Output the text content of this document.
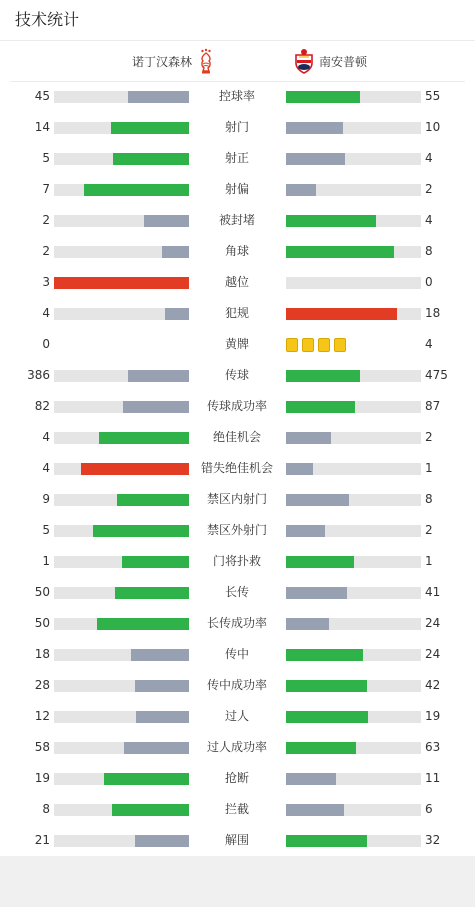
技术统计
诺丁汉森林	南安普顿
45	控球率	55
14	射门	10
5	射正	4
7	射偏	2
2	被封堵	4
2	角球	8
3	越位	0
4	犯规	18
0	黄牌	4
386	传球	475
82	传球成功率	87
4	绝佳机会	2
4	错失绝佳机会	1
9	禁区内射门	8
5	禁区外射门	2
1	门将扑救	1
50	长传	41
50	长传成功率	24
18	传中	24
28	传中成功率	42
12	过人	19
58	过人成功率	63
19	抢断	11
8	拦截	6
21	解围	32
